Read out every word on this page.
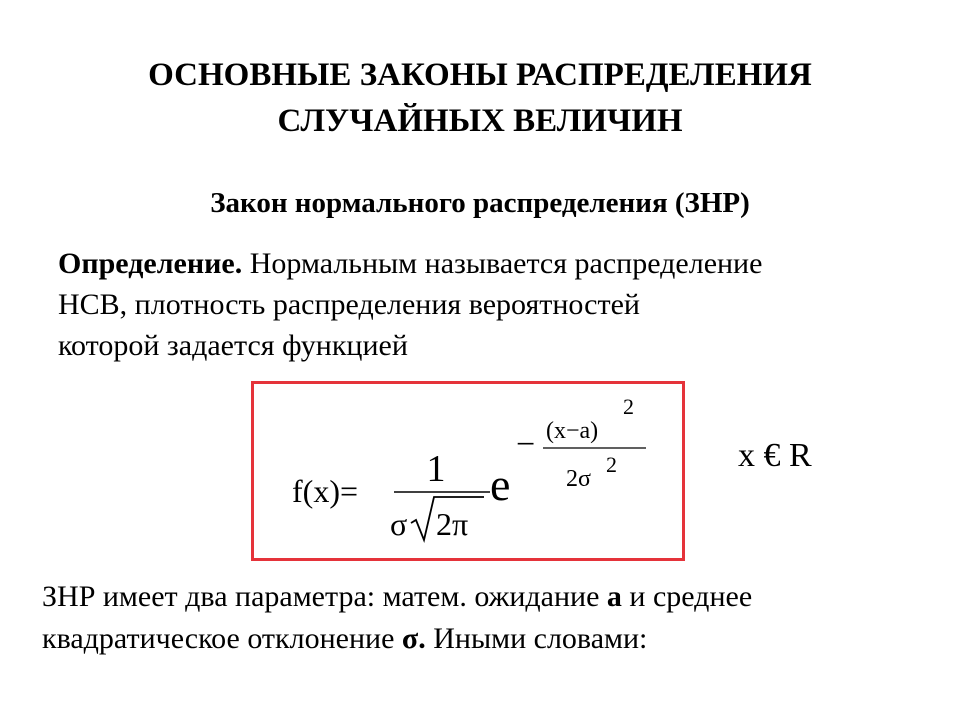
ОСНОВНЫЕ ЗАКОНЫ РАСПРЕДЕЛЕНИЯ
СЛУЧАЙНЫХ ВЕЛИЧИН
Закон нормального распределения (ЗНР)
Определение. Нормальным называется распределение
НСВ, плотность распределения вероятностей
которой задается функцией
f(x)=
1
σ 2π
e
− (x−a)
2
2σ
2	x € R
ЗНР имеет два параметра: матем. ожидание а и среднее
квадратическое отклонение σ. Иными словами:
